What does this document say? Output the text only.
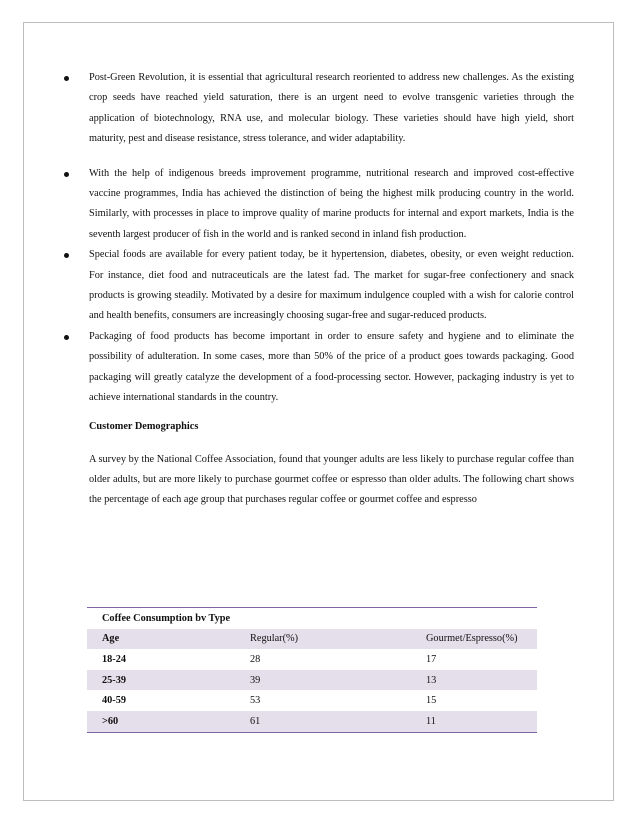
Post-Green Revolution, it is essential that agricultural research reoriented to address new challenges. As the existing crop seeds have reached yield saturation, there is an urgent need to evolve transgenic varieties through the application of biotechnology, RNA use, and molecular biology. These varieties should have high yield, short maturity, pest and disease resistance, stress tolerance, and wider adaptability.
With the help of indigenous breeds improvement programme, nutritional research and improved cost-effective vaccine programmes, India has achieved the distinction of being the highest milk producing country in the world. Similarly, with processes in place to improve quality of marine products for internal and export markets, India is the seventh largest producer of fish in the world and is ranked second in inland fish production.
Special foods are available for every patient today, be it hypertension, diabetes, obesity, or even weight reduction. For instance, diet food and nutraceuticals are the latest fad. The market for sugar-free confectionery and snack products is growing steadily. Motivated by a desire for maximum indulgence coupled with a wish for calorie control and health benefits, consumers are increasingly choosing sugar-free and sugar-reduced products.
Packaging of food products has become important in order to ensure safety and hygiene and to eliminate the possibility of adulteration. In some cases, more than 50% of the price of a product goes towards packaging. Good packaging will greatly catalyze the development of a food-processing sector. However, packaging industry is yet to achieve international standards in the country.
Customer Demographics
A survey by the National Coffee Association, found that younger adults are less likely to purchase regular coffee than older adults, but are more likely to purchase gourmet coffee or espresso than older adults. The following chart shows the percentage of each age group that purchases regular coffee or gourmet coffee and espresso
Coffee Consumption bv Type		
Age	Regular(%)	Gourmet/Espresso(%)
18-24	28	17
25-39	39	13
40-59	53	15
>60	61	11
